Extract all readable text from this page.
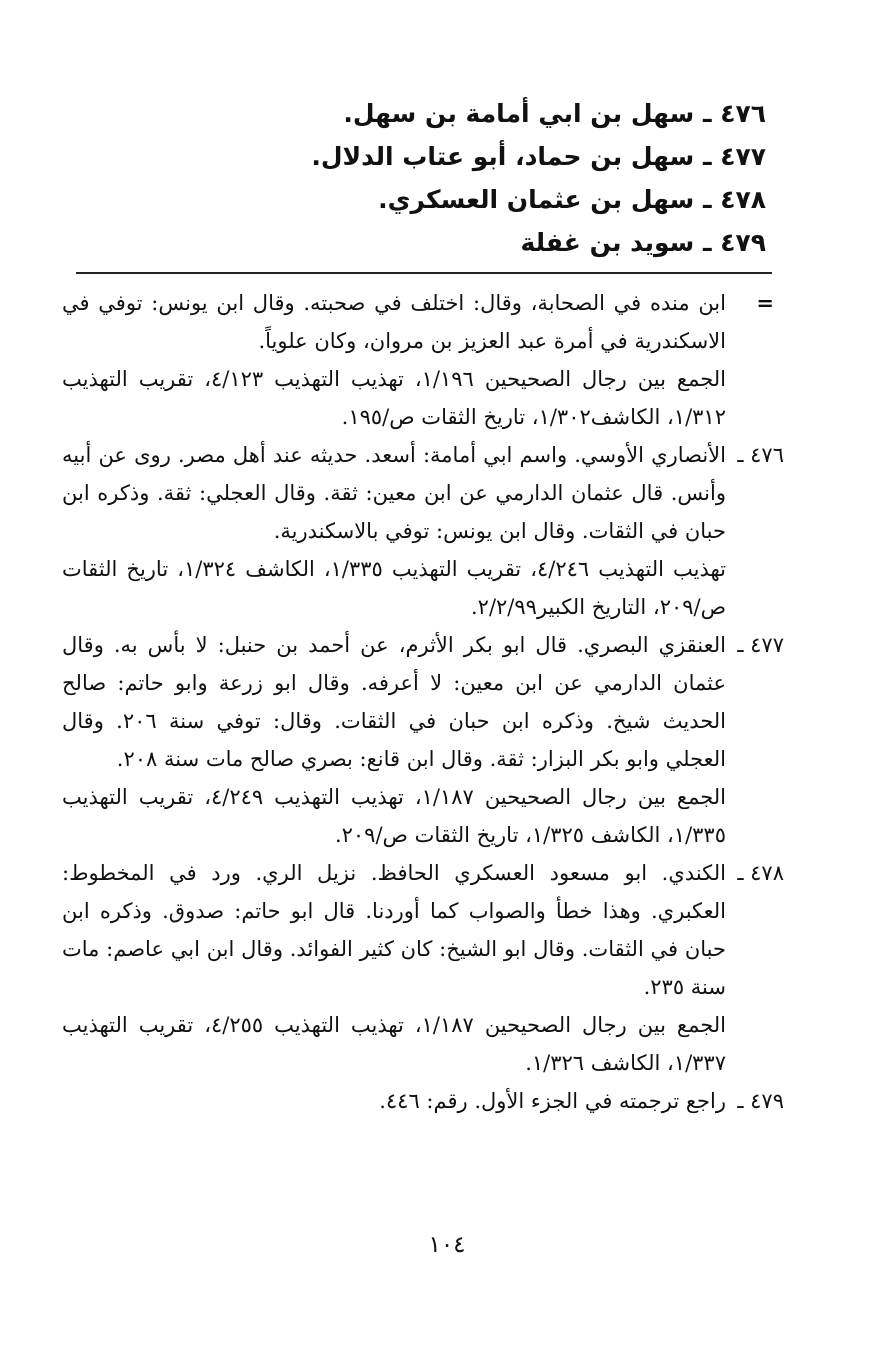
٤٧٦ ـ سهل بن ابي أمامة بن سهل.
٤٧٧ ـ سهل بن حماد، أبو عتاب الدلال.
٤٧٨ ـ سهل بن عثمان العسكري.
٤٧٩ ـ سويد بن غفلة
=
ابن منده في الصحابة، وقال: اختلف في صحبته. وقال ابن يونس: توفي في الاسكندرية في أمرة عبد العزيز بن مروان، وكان علوياً.
الجمع بين رجال الصحيحين ١/١٩٦، تهذيب التهذيب ٤/١٢٣، تقريب التهذيب ١/٣١٢، الكاشف١/٣٠٢، تاريخ الثقات ص/١٩٥.
٤٧٦ ـ
الأنصاري الأوسي. واسم ابي أمامة: أسعد. حديثه عند أهل مصر. روى عن أبيه وأنس. قال عثمان الدارمي عن ابن معين: ثقة. وقال العجلي: ثقة. وذكره ابن حبان في الثقات. وقال ابن يونس: توفي بالاسكندرية.
تهذيب التهذيب ٤/٢٤٦، تقريب التهذيب ١/٣٣٥، الكاشف ١/٣٢٤، تاريخ الثقات ص/٢٠٩، التاريخ الكبير٢/٢/٩٩.
٤٧٧ ـ
العنقزي البصري. قال ابو بكر الأثرم، عن أحمد بن حنبل: لا بأس به. وقال عثمان الدارمي عن ابن معين: لا أعرفه. وقال ابو زرعة وابو حاتم: صالح الحديث شيخ. وذكره ابن حبان في الثقات. وقال: توفي سنة ٢٠٦. وقال العجلي وابو بكر البزار: ثقة. وقال ابن قانع: بصري صالح مات سنة ٢٠٨.
الجمع بين رجال الصحيحين ١/١٨٧، تهذيب التهذيب ٤/٢٤٩، تقريب التهذيب ١/٣٣٥، الكاشف ١/٣٢٥، تاريخ الثقات ص/٢٠٩.
٤٧٨ ـ
الكندي. ابو مسعود العسكري الحافظ. نزيل الري. ورد في المخطوط: العكبري. وهذا خطأ والصواب كما أوردنا. قال ابو حاتم: صدوق. وذكره ابن حبان في الثقات. وقال ابو الشيخ: كان كثير الفوائد. وقال ابن ابي عاصم: مات سنة ٢٣٥.
الجمع بين رجال الصحيحين ١/١٨٧، تهذيب التهذيب ٤/٢٥٥، تقريب التهذيب ١/٣٣٧، الكاشف ١/٣٢٦.
٤٧٩ ـ
راجع ترجمته في الجزء الأول. رقم: ٤٤٦.
١٠٤
